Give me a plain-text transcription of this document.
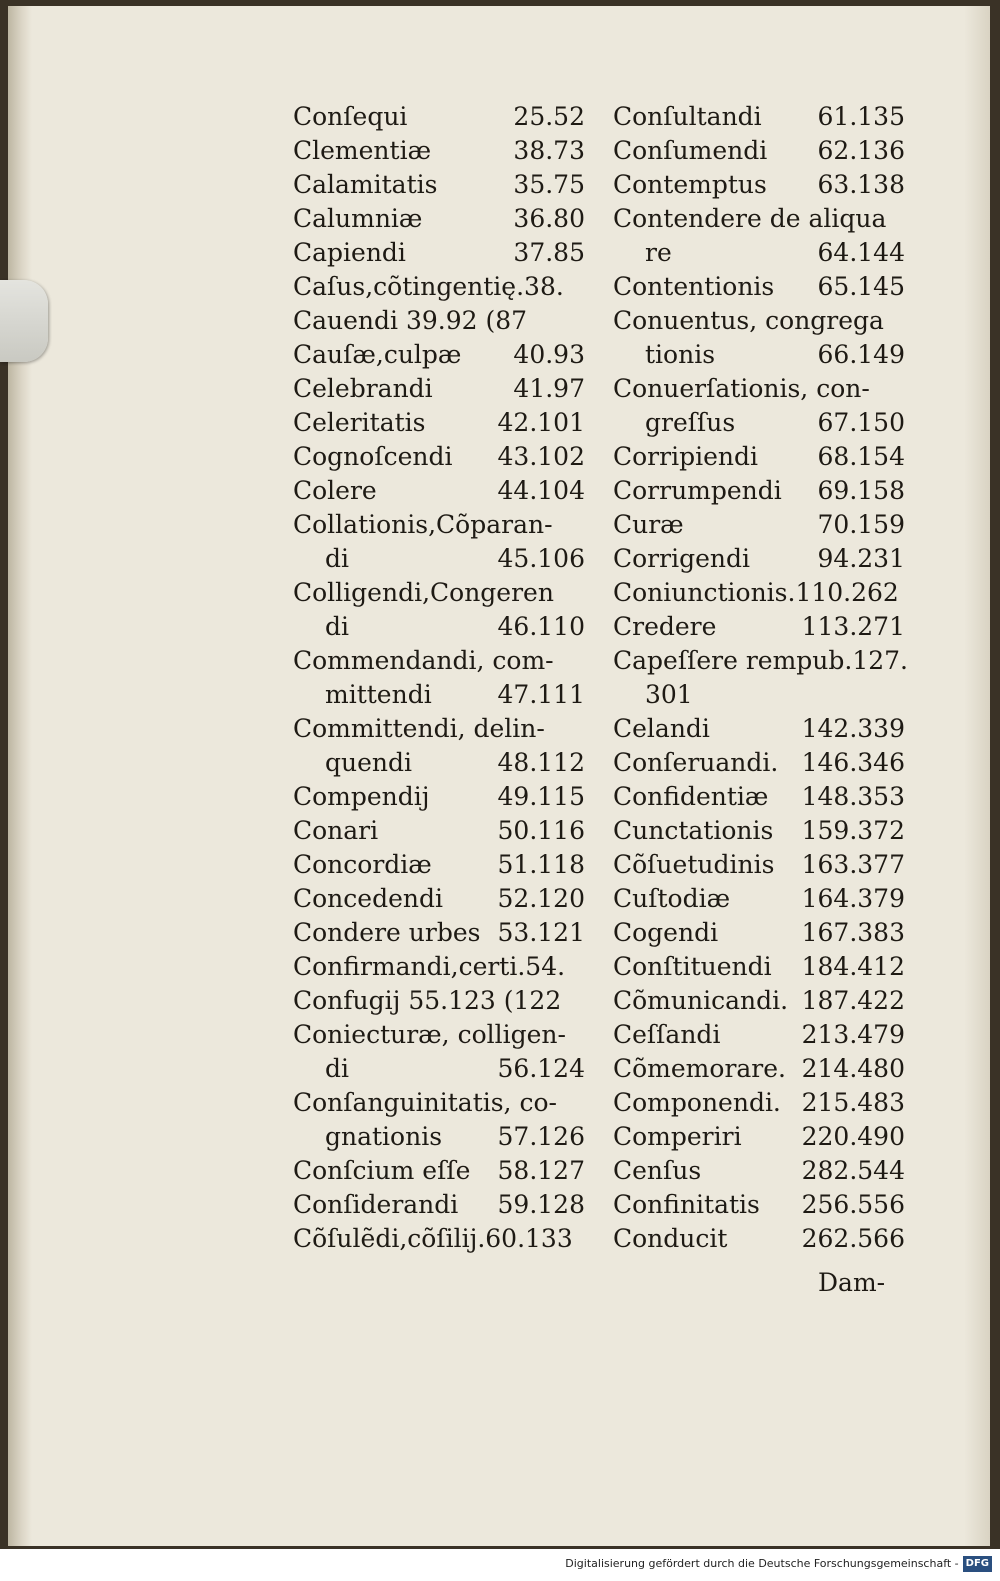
Conſequi	25.52
Clementiæ	38.73
Calamitatis	35.75
Calumniæ	36.80
Capiendi	37.85
Caſus,cõtingentię.38.
Cauendi 39.92 (87
Cauſæ,culpæ 40.93
Celebrandi	41.97
Celeritatis	42.101
Cognoſcendi 43.102
Colere	44.104
Collationis,Cõparan-
di	45.106
Colligendi,Congeren
di	46.110
Commendandi, com-
mittendi	47.111
Committendi, delin-
quendi	48.112
Compendij	49.115
Conari	50.116
Concordiæ	51.118
Concedendi 52.120
Condere urbes 53.121
Confirmandi,certi.54.
Confugij 55.123 (122
Coniecturæ, colligen-
di	56.124
Conſanguinitatis, co-
gnationis 57.126
Conſcium eſſe 58.127
Conſiderandi 59.128
Cõſulẽdi,cõſilij.60.133
Conſultandi 61.135
Conſumendi 62.136
Contemptus 63.138
Contendere de aliqua
re	64.144
Contentionis 65.145
Conuentus, congrega
tionis	66.149
Conuerſationis, con-
greſſus	67.150
Corripiendi 68.154
Corrumpendi 69.158
Curæ	70.159
Corrigendi	94.231
Coniunctionis.110.262
Credere	113.271
Capeſſere rempub.127.
301
Celandi	142.339
Conſeruandi. 146.346
Confidentiæ 148.353
Cunctationis 159.372
Cõſuetudinis 163.377
Cuſtodiæ	164.379
Cogendi	167.383
Conſtituendi 184.412
Cõmunicandi. 187.422
Ceſſandi	213.479
Cõmemorare. 214.480
Componendi. 215.483
Comperiri 220.490
Cenſus	282.544
Confinitatis 256.556
Conducit	262.566
Dam-
Digitalisierung gefördert durch die Deutsche Forschungsgemeinschaft - DFG
